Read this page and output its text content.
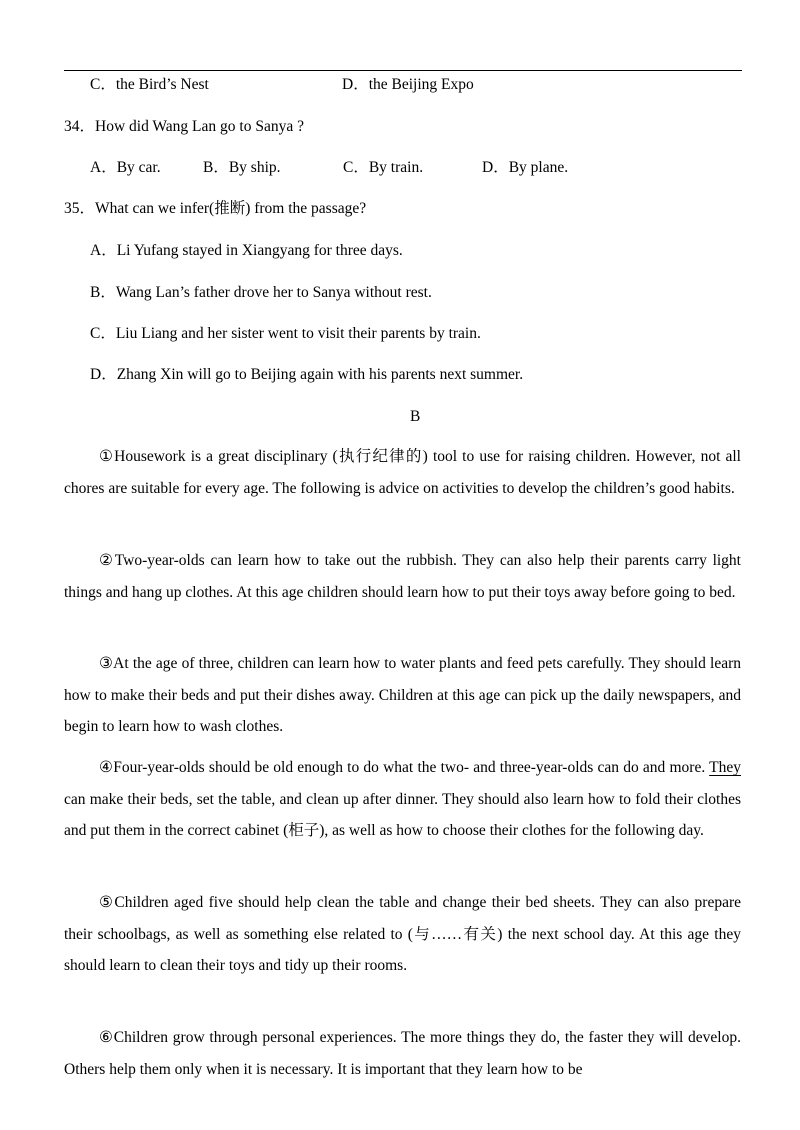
C．the Bird’s Nest	D．the Beijing Expo
34．How did Wang Lan go to Sanya ?
A．By car.	B．By ship.	C．By train.	D．By plane.
35．What can we infer(推断) from the passage?
A．Li Yufang stayed in Xiangyang for three days.
B．Wang Lan’s father drove her to Sanya without rest.
C．Liu Liang and her sister went to visit their parents by train.
D．Zhang Xin will go to Beijing again with his parents next summer.
B
①Housework is a great disciplinary (执行纪律的) tool to use for raising children. However, not all chores are suitable for every age. The following is advice on activities to develop the children’s good habits.
②Two-year-olds can learn how to take out the rubbish. They can also help their parents carry light things and hang up clothes. At this age children should learn how to put their toys away before going to bed.
③At the age of three, children can learn how to water plants and feed pets carefully. They should learn how to make their beds and put their dishes away. Children at this age can pick up the daily newspapers, and begin to learn how to wash clothes.
④Four-year-olds should be old enough to do what the two- and three-year-olds can do and more. They can make their beds, set the table, and clean up after dinner. They should also learn how to fold their clothes and put them in the correct cabinet (柜子), as well as how to choose their clothes for the following day.
⑤Children aged five should help clean the table and change their bed sheets. They can also prepare their schoolbags, as well as something else related to (与……有关) the next school day. At this age they should learn to clean their toys and tidy up their rooms.
⑥Children grow through personal experiences. The more things they do, the faster they will develop. Others help them only when it is necessary. It is important that they learn how to be
